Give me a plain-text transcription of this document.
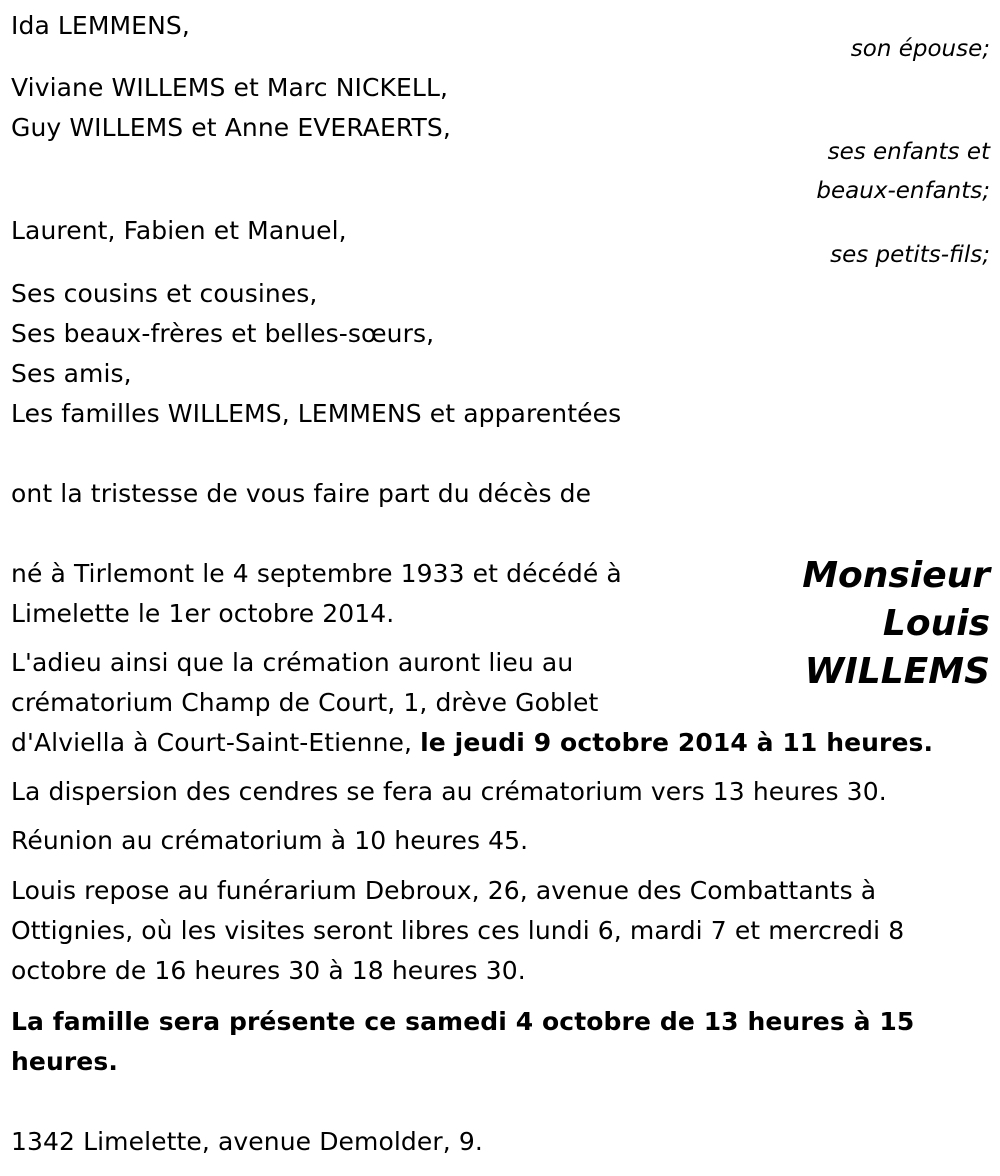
Ida LEMMENS,
son épouse;
Viviane WILLEMS et Marc NICKELL,
Guy WILLEMS et Anne EVERAERTS,
ses enfants et
beaux-enfants;
Laurent, Fabien et Manuel,
ses petits-fils;
Ses cousins et cousines,
Ses beaux-frères et belles-sœurs,
Ses amis,
Les familles WILLEMS, LEMMENS et apparentées
ont la tristesse de vous faire part du décès de
Monsieur
Louis
WILLEMS
né à Tirlemont le 4 septembre 1933 et décédé à
Limelette le 1er octobre 2014.
L'adieu ainsi que la crémation auront lieu au
crématorium Champ de Court, 1, drève Goblet
d'Alviella à Court-Saint-Etienne, le jeudi 9 octobre 2014 à 11 heures.
La dispersion des cendres se fera au crématorium vers 13 heures 30.
Réunion au crématorium à 10 heures 45.
Louis repose au funérarium Debroux, 26, avenue des Combattants à
Ottignies, où les visites seront libres ces lundi 6, mardi 7 et mercredi 8
octobre de 16 heures 30 à 18 heures 30.
La famille sera présente ce samedi 4 octobre de 13 heures à 15
heures.
1342 Limelette, avenue Demolder, 9.
